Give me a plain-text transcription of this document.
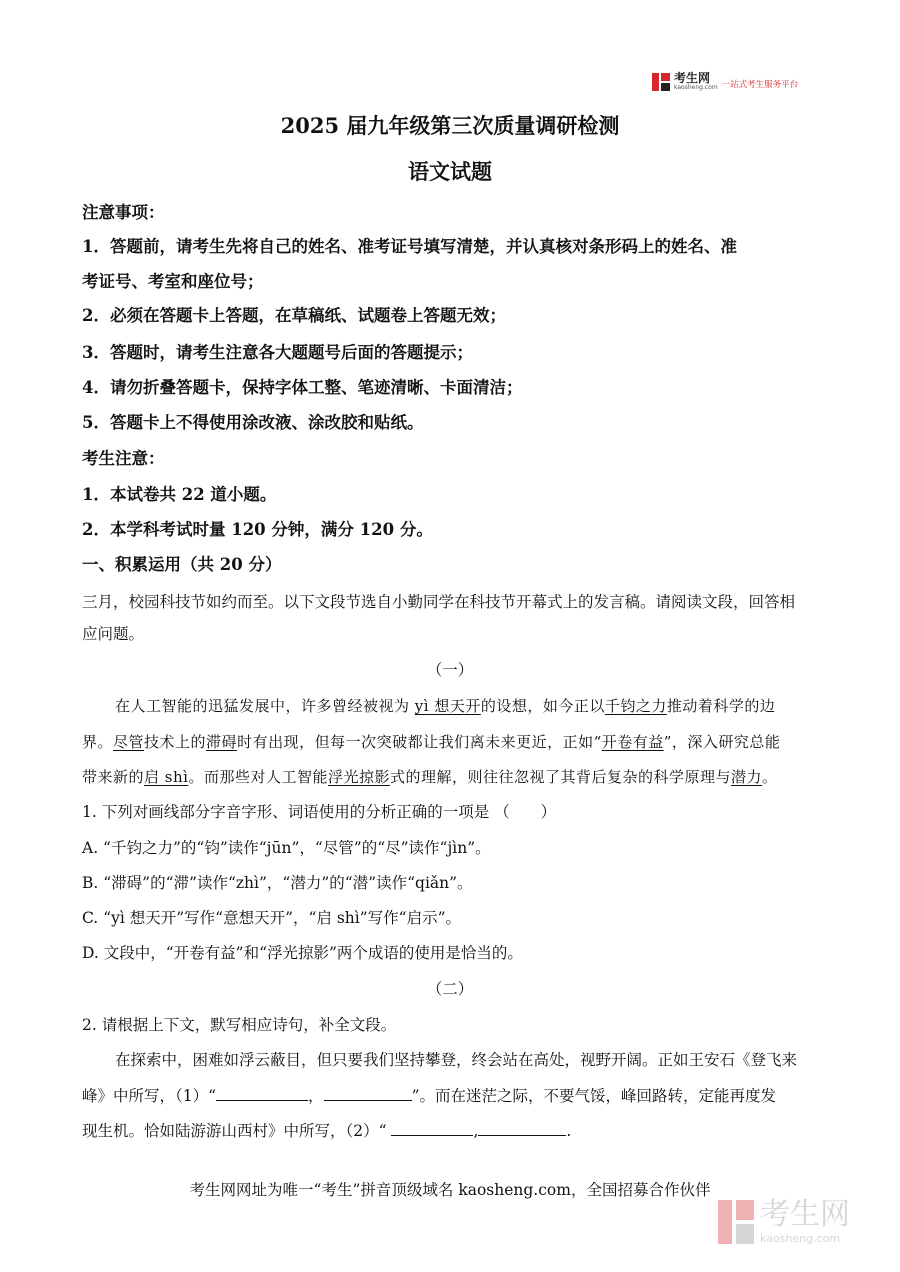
考生网
kaosheng.com 一站式考生服务平台

2025 届九年级第三次质量调研检测

语文试题

注意事项：

1．答题前，请考生先将自己的姓名、准考证号填写清楚，并认真核对条形码上的姓名、准

考证号、考室和座位号；

2．必须在答题卡上答题，在草稿纸、试题卷上答题无效；

3．答题时，请考生注意各大题题号后面的答题提示；

4．请勿折叠答题卡，保持字体工整、笔迹清晰、卡面清洁；

5．答题卡上不得使用涂改液、涂改胶和贴纸。

考生注意：

1．本试卷共 22 道小题。

2．本学科考试时量 120 分钟，满分 120 分。

一、积累运用（共 20 分）

三月，校园科技节如约而至。以下文段节选自小勤同学在科技节开幕式上的发言稿。请阅读文段，回答相

应问题。

（一）

在人工智能的迅猛发展中，许多曾经被视为 yì 想天开的设想，如今正以千钧之力推动着科学的边

界。尽管技术上的滞碍时有出现，但每一次突破都让我们离未来更近，正如“开卷有益”，深入研究总能

带来新的启 shì。而那些对人工智能浮光掠影式的理解，则往往忽视了其背后复杂的科学原理与潜力。

1. 下列对画线部分字音字形、词语使用的分析正确的一项是 （　　）

A. “千钧之力”的“钧”读作“jūn”，“尽管”的“尽”读作“jìn”。

B. “滞碍”的“滞”读作“zhì”，“潜力”的“潜”读作“qiǎn”。

C. “yì 想天开”写作“意想天开”，“启 shì”写作“启示”。

D. 文段中，“开卷有益”和“浮光掠影”两个成语的使用是恰当的。

（二）

2. 请根据上下文，默写相应诗句，补全文段。

在探索中，困难如浮云蔽目，但只要我们坚持攀登，终会站在高处，视野开阔。正如王安石《登飞来

峰》中所写，（1）“	，	”。而在迷茫之际，不要气馁，峰回路转，定能再度发

现生机。恰如陆游游山西村》中所写，（2）“	,	.

考生网网址为唯一“考生”拼音顶级域名 kaosheng.com，全国招募合作伙伴

考生网
kaosheng.com
